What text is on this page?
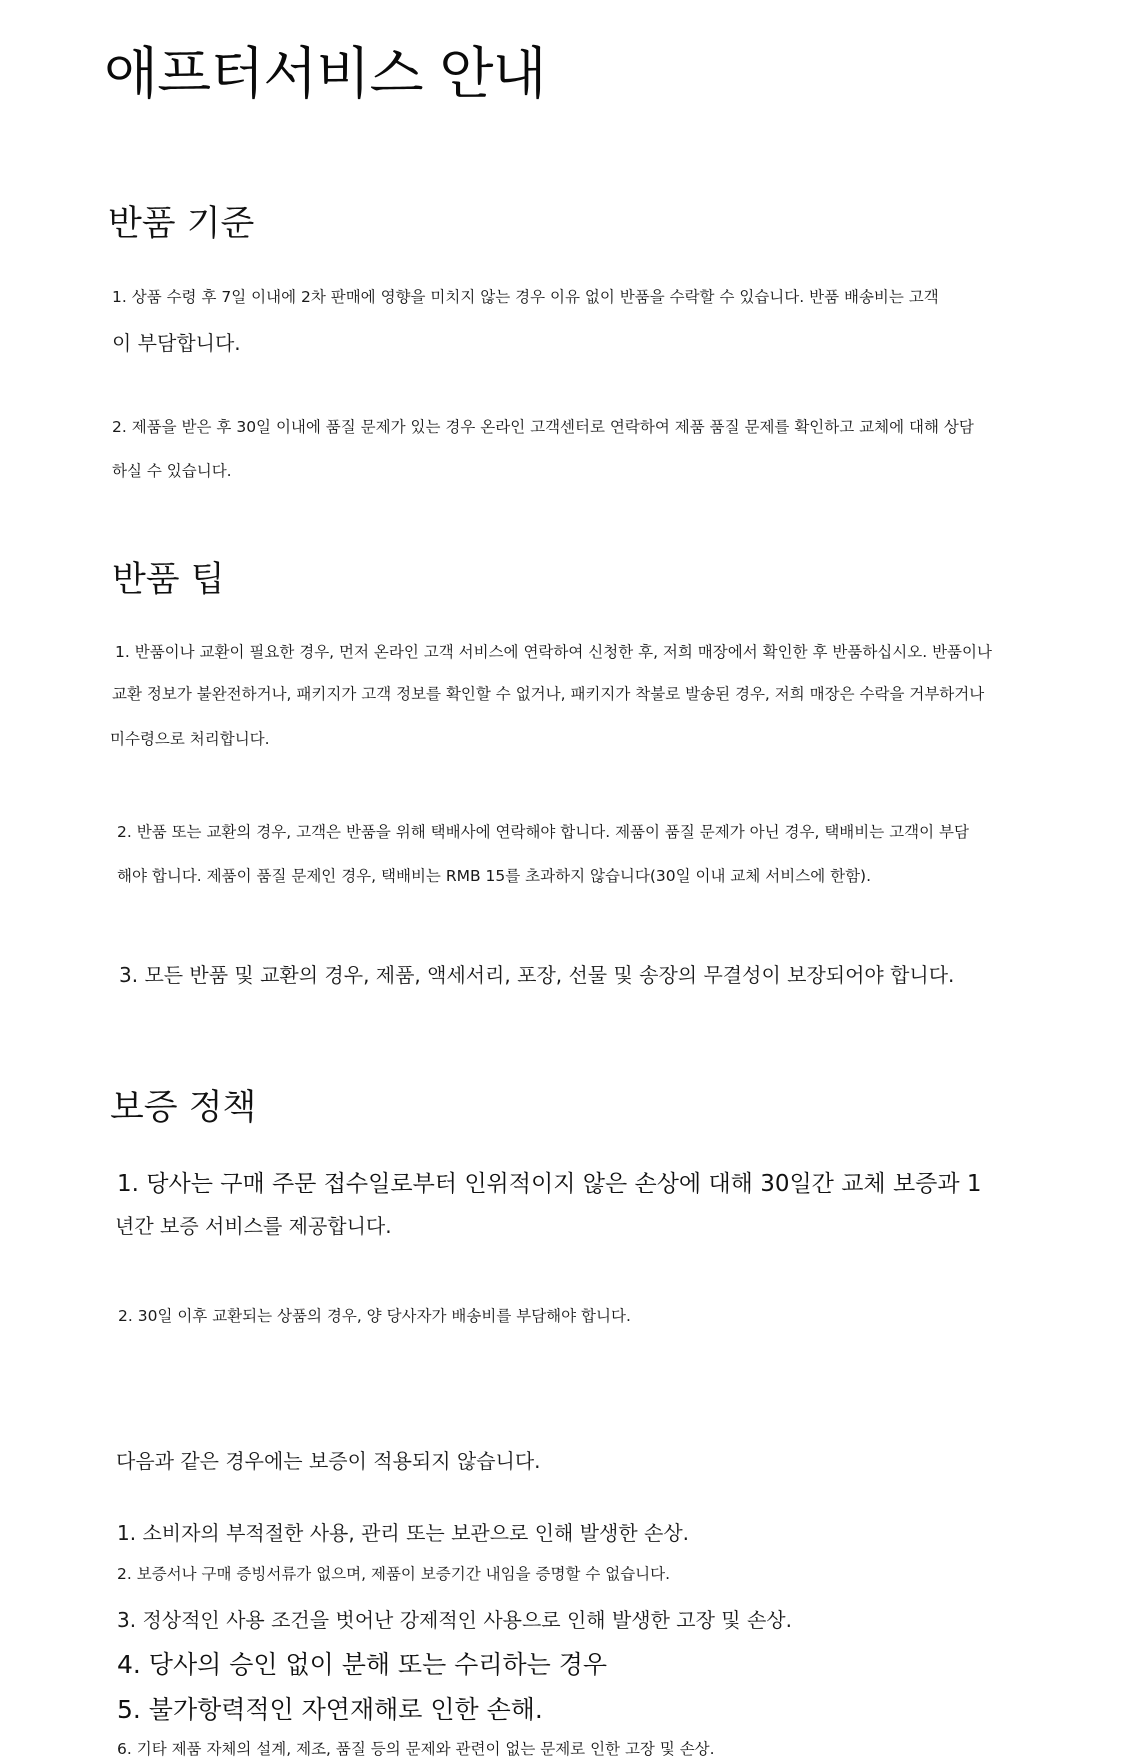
애프터서비스 안내
반품 기준
1. 상품 수령 후 7일 이내에 2차 판매에 영향을 미치지 않는 경우 이유 없이 반품을 수락할 수 있습니다. 반품 배송비는 고객
이 부담합니다.
2. 제품을 받은 후 30일 이내에 품질 문제가 있는 경우 온라인 고객센터로 연락하여 제품 품질 문제를 확인하고 교체에 대해 상담
하실 수 있습니다.
반품 팁
1. 반품이나 교환이 필요한 경우, 먼저 온라인 고객 서비스에 연락하여 신청한 후, 저희 매장에서 확인한 후 반품하십시오. 반품이나
교환 정보가 불완전하거나, 패키지가 고객 정보를 확인할 수 없거나, 패키지가 착불로 발송된 경우, 저희 매장은 수락을 거부하거나
미수령으로 처리합니다.
2. 반품 또는 교환의 경우, 고객은 반품을 위해 택배사에 연락해야 합니다. 제품이 품질 문제가 아닌 경우, 택배비는 고객이 부담
해야 합니다. 제품이 품질 문제인 경우, 택배비는 RMB 15를 초과하지 않습니다(30일 이내 교체 서비스에 한함).
3. 모든 반품 및 교환의 경우, 제품, 액세서리, 포장, 선물 및 송장의 무결성이 보장되어야 합니다.
보증 정책
1. 당사는 구매 주문 접수일로부터 인위적이지 않은 손상에 대해 30일간 교체 보증과 1
년간 보증 서비스를 제공합니다.
2. 30일 이후 교환되는 상품의 경우, 양 당사자가 배송비를 부담해야 합니다.
다음과 같은 경우에는 보증이 적용되지 않습니다.
1. 소비자의 부적절한 사용, 관리 또는 보관으로 인해 발생한 손상.
2. 보증서나 구매 증빙서류가 없으며, 제품이 보증기간 내임을 증명할 수 없습니다.
3. 정상적인 사용 조건을 벗어난 강제적인 사용으로 인해 발생한 고장 및 손상.
4. 당사의 승인 없이 분해 또는 수리하는 경우
5. 불가항력적인 자연재해로 인한 손해.
6. 기타 제품 자체의 설계, 제조, 품질 등의 문제와 관련이 없는 문제로 인한 고장 및 손상.
